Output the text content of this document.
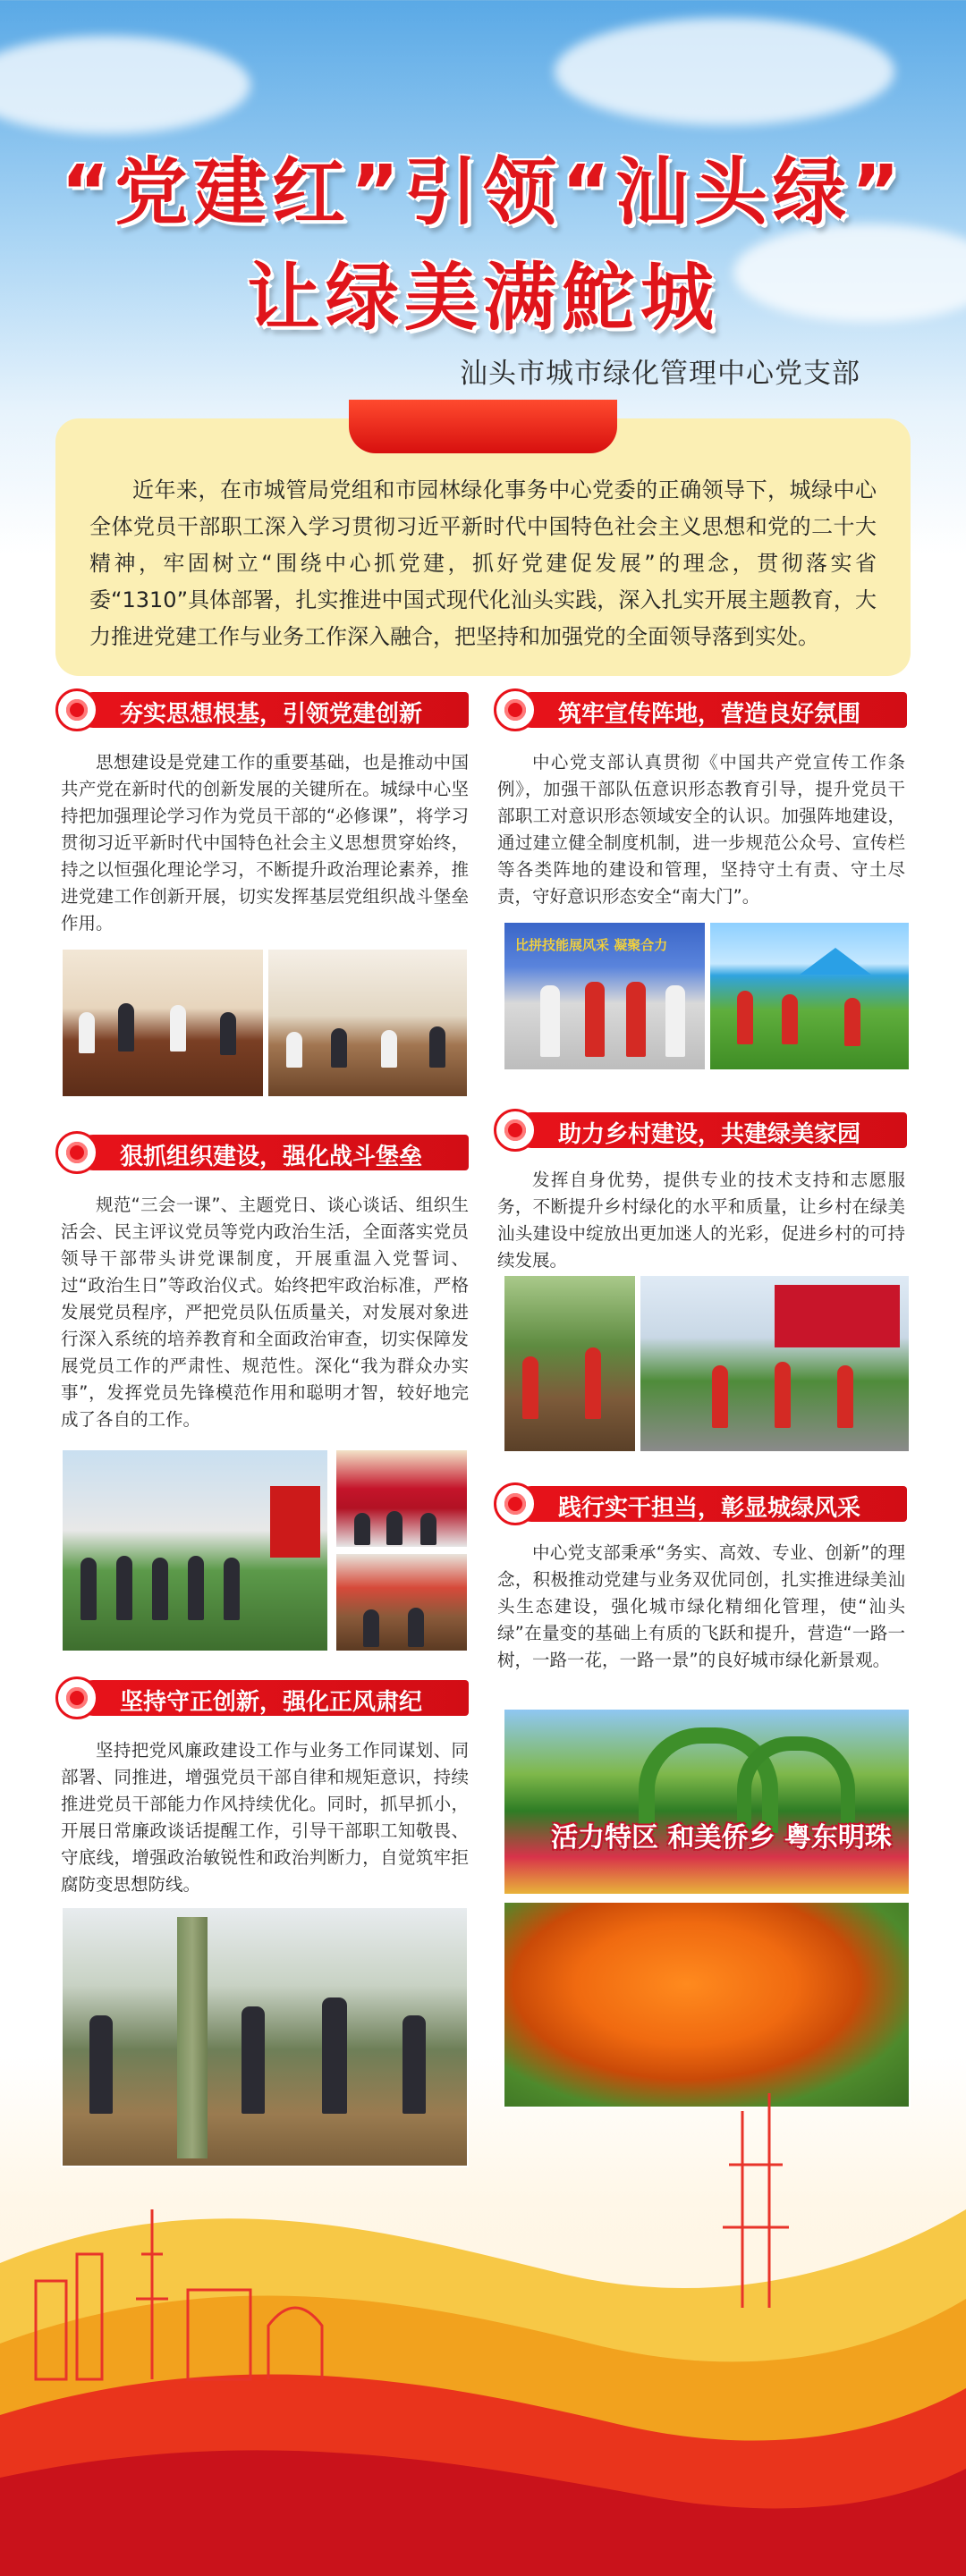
“党建红”引领“汕头绿”
让绿美满鮀城
汕头市城市绿化管理中心党支部

近年来，在市城管局党组和市园林绿化事务中心党委的正确领导下，城绿中心全体党员干部职工深入学习贯彻习近平新时代中国特色社会主义思想和党的二十大精神，牢固树立“围绕中心抓党建，抓好党建促发展”的理念，贯彻落实省委“1310”具体部署，扎实推进中国式现代化汕头实践，深入扎实开展主题教育，大力推进党建工作与业务工作深入融合，把坚持和加强党的全面领导落到实处。

夯实思想根基，引领党建创新

思想建设是党建工作的重要基础，也是推动中国共产党在新时代的创新发展的关键所在。城绿中心坚持把加强理论学习作为党员干部的“必修课”，将学习贯彻习近平新时代中国特色社会主义思想贯穿始终，持之以恒强化理论学习，不断提升政治理论素养，推进党建工作创新开展，切实发挥基层党组织战斗堡垒作用。

狠抓组织建设，强化战斗堡垒

规范“三会一课”、主题党日、谈心谈话、组织生活会、民主评议党员等党内政治生活，全面落实党员领导干部带头讲党课制度，开展重温入党誓词、过“政治生日”等政治仪式。始终把牢政治标准，严格发展党员程序，严把党员队伍质量关，对发展对象进行深入系统的培养教育和全面政治审查，切实保障发展党员工作的严肃性、规范性。深化“我为群众办实事”，发挥党员先锋模范作用和聪明才智，较好地完成了各自的工作。

坚持守正创新，强化正风肃纪

坚持把党风廉政建设工作与业务工作同谋划、同部署、同推进，增强党员干部自律和规矩意识，持续推进党员干部能力作风持续优化。同时，抓早抓小，开展日常廉政谈话提醒工作，引导干部职工知敬畏、守底线，增强政治敏锐性和政治判断力，自觉筑牢拒腐防变思想防线。

筑牢宣传阵地，营造良好氛围

中心党支部认真贯彻《中国共产党宣传工作条例》，加强干部队伍意识形态教育引导，提升党员干部职工对意识形态领域安全的认识。加强阵地建设，通过建立健全制度机制，进一步规范公众号、宣传栏等各类阵地的建设和管理，坚持守土有责、守土尽责，守好意识形态安全“南大门”。

比拼技能展风采 凝聚合力
助力乡村建设，共建绿美家园

发挥自身优势，提供专业的技术支持和志愿服务，不断提升乡村绿化的水平和质量，让乡村在绿美汕头建设中绽放出更加迷人的光彩，促进乡村的可持续发展。

践行实干担当，彰显城绿风采

中心党支部秉承“务实、高效、专业、创新”的理念，积极推动党建与业务双优同创，扎实推进绿美汕头生态建设，强化城市绿化精细化管理，使“汕头绿”在量变的基础上有质的飞跃和提升，营造“一路一树，一路一花，一路一景”的良好城市绿化新景观。

活力特区 和美侨乡 粤东明珠
